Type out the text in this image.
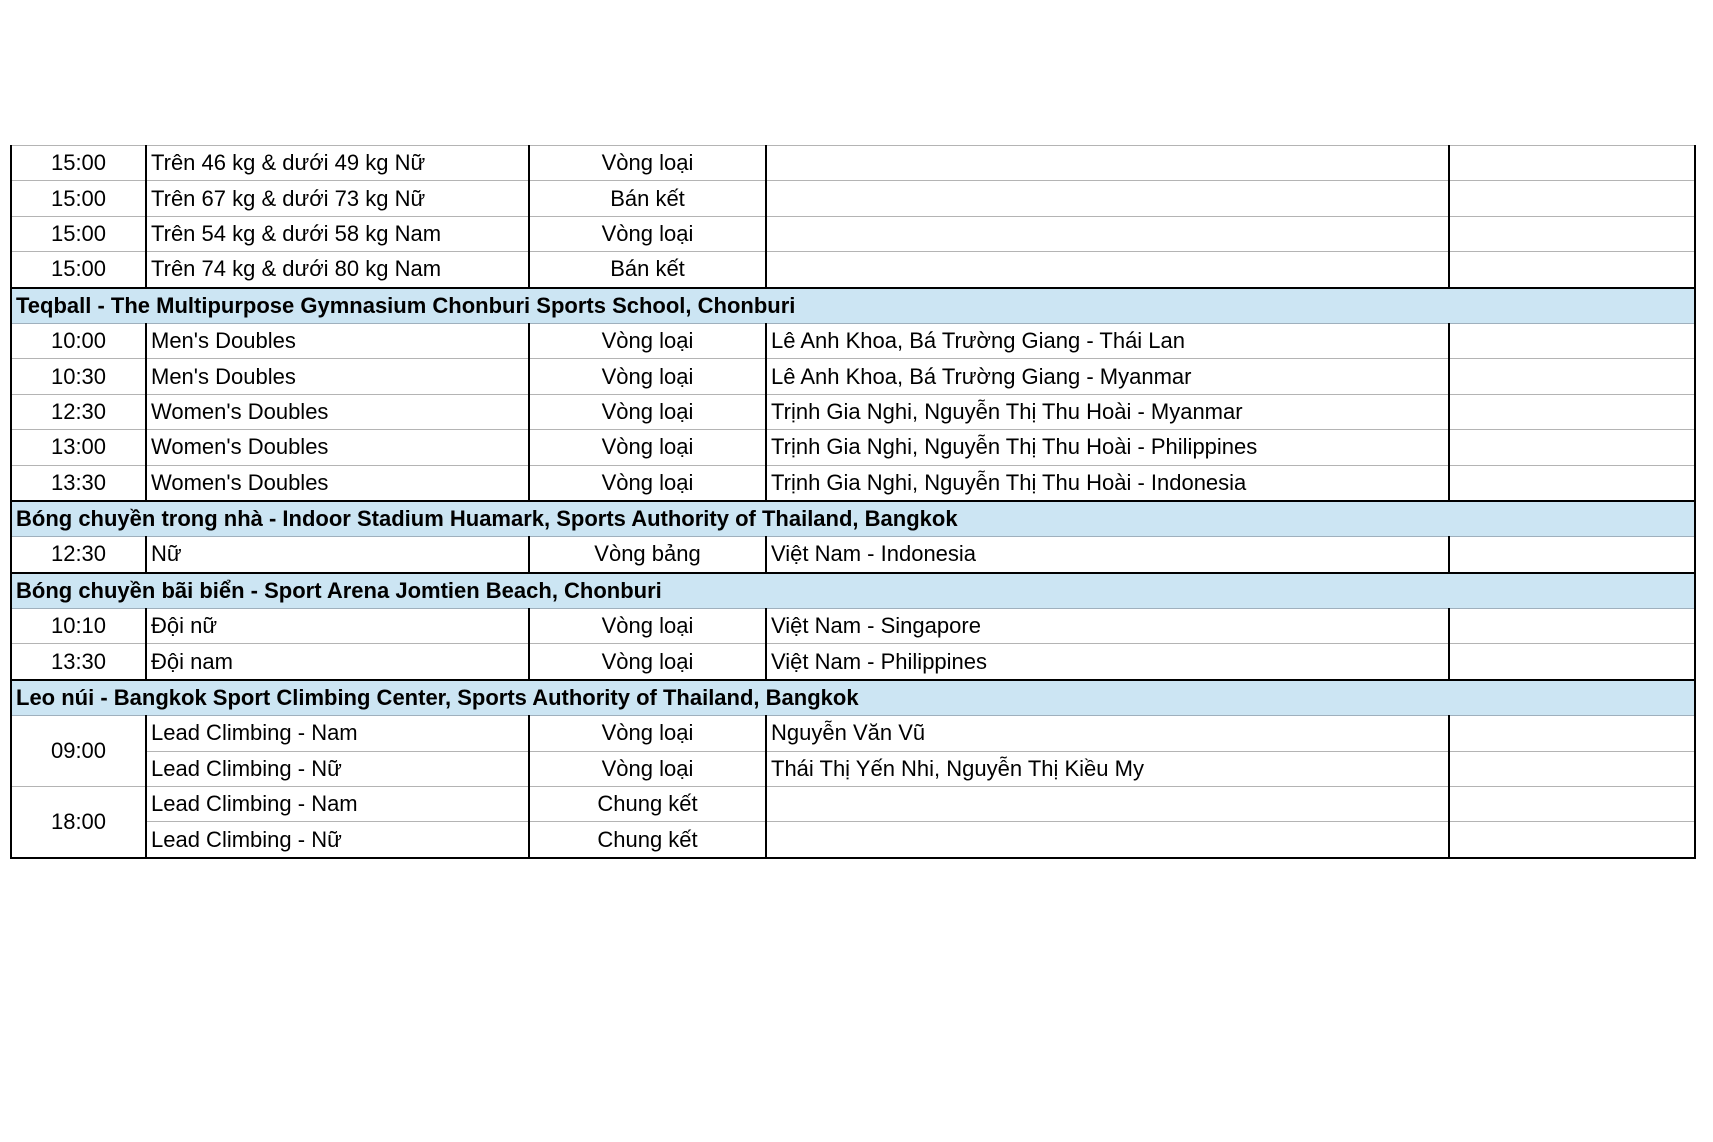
15:00	Trên 46 kg & dưới 49 kg Nữ	Vòng loại		
15:00	Trên 67 kg & dưới 73 kg Nữ	Bán kết		
15:00	Trên 54 kg & dưới 58 kg Nam	Vòng loại		
15:00	Trên 74 kg & dưới 80 kg Nam	Bán kết		
Teqball - The Multipurpose Gymnasium Chonburi Sports School, Chonburi				
10:00	Men's Doubles	Vòng loại	Lê Anh Khoa, Bá Trường Giang - Thái Lan	
10:30	Men's Doubles	Vòng loại	Lê Anh Khoa, Bá Trường Giang - Myanmar	
12:30	Women's Doubles	Vòng loại	Trịnh Gia Nghi, Nguyễn Thị Thu Hoài - Myanmar	
13:00	Women's Doubles	Vòng loại	Trịnh Gia Nghi, Nguyễn Thị Thu Hoài - Philippines	
13:30	Women's Doubles	Vòng loại	Trịnh Gia Nghi, Nguyễn Thị Thu Hoài - Indonesia	
Bóng chuyền trong nhà - Indoor Stadium Huamark, Sports Authority of Thailand, Bangkok				
12:30	Nữ	Vòng bảng	Việt Nam - Indonesia	
Bóng chuyền bãi biển - Sport Arena Jomtien Beach, Chonburi				
10:10	Đội nữ	Vòng loại	Việt Nam - Singapore	
13:30	Đội nam	Vòng loại	Việt Nam - Philippines	
Leo núi - Bangkok Sport Climbing Center, Sports Authority of Thailand, Bangkok				
09:00	Lead Climbing - Nam	Vòng loại	Nguyễn Văn Vũ	
	Lead Climbing - Nữ	Vòng loại	Thái Thị Yến Nhi, Nguyễn Thị Kiều My	
18:00	Lead Climbing - Nam	Chung kết		
	Lead Climbing - Nữ	Chung kết		
